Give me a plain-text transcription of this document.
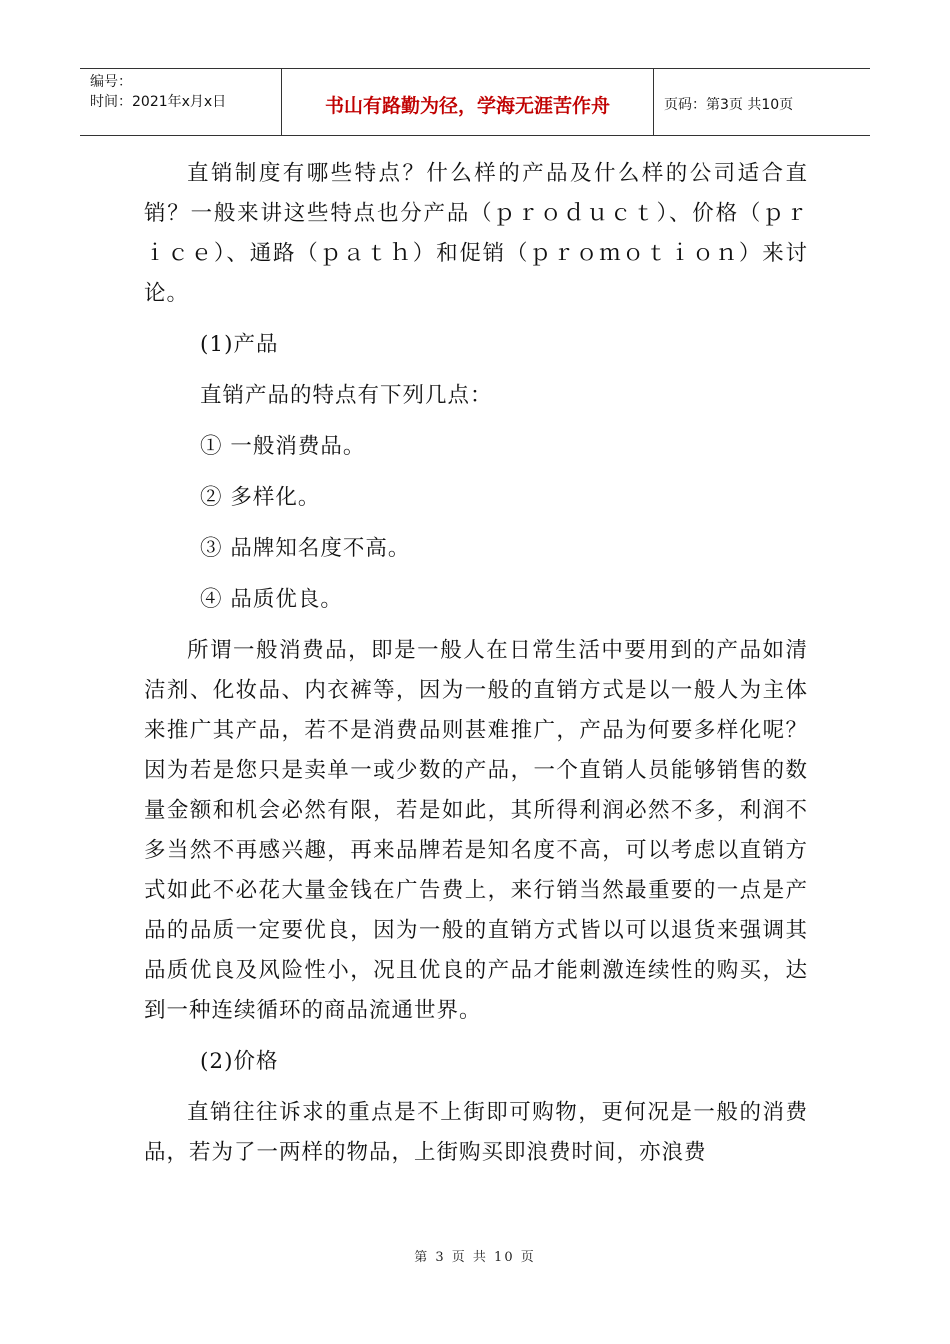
编号：
时间：2021年x月x日	书山有路勤为径，学海无涯苦作舟	页码：第3页 共10页

直销制度有哪些特点？什么样的产品及什么样的公司适合直销？一般来讲这些特点也分产品（ｐｒｏｄｕｃｔ）、价格（ｐｒｉｃｅ）、通路（ｐａｔｈ）和促销（ｐｒｏｍｏｔｉｏｎ）来讨论。

(1)产品

直销产品的特点有下列几点：

① 一般消费品。

② 多样化。

③ 品牌知名度不高。

④ 品质优良。

所谓一般消费品，即是一般人在日常生活中要用到的产品如清洁剂、化妆品、内衣裤等，因为一般的直销方式是以一般人为主体来推广其产品，若不是消费品则甚难推广，产品为何要多样化呢？因为若是您只是卖单一或少数的产品，一个直销人员能够销售的数量金额和机会必然有限，若是如此，其所得利润必然不多，利润不多当然不再感兴趣，再来品牌若是知名度不高，可以考虑以直销方式如此不必花大量金钱在广告费上，来行销当然最重要的一点是产品的品质一定要优良，因为一般的直销方式皆以可以退货来强调其品质优良及风险性小，况且优良的产品才能刺激连续性的购买，达到一种连续循环的商品流通世界。

(2)价格

直销往往诉求的重点是不上街即可购物，更何况是一般的消费品，若为了一两样的物品，上街购买即浪费时间，亦浪费

第 3 页 共 10 页
